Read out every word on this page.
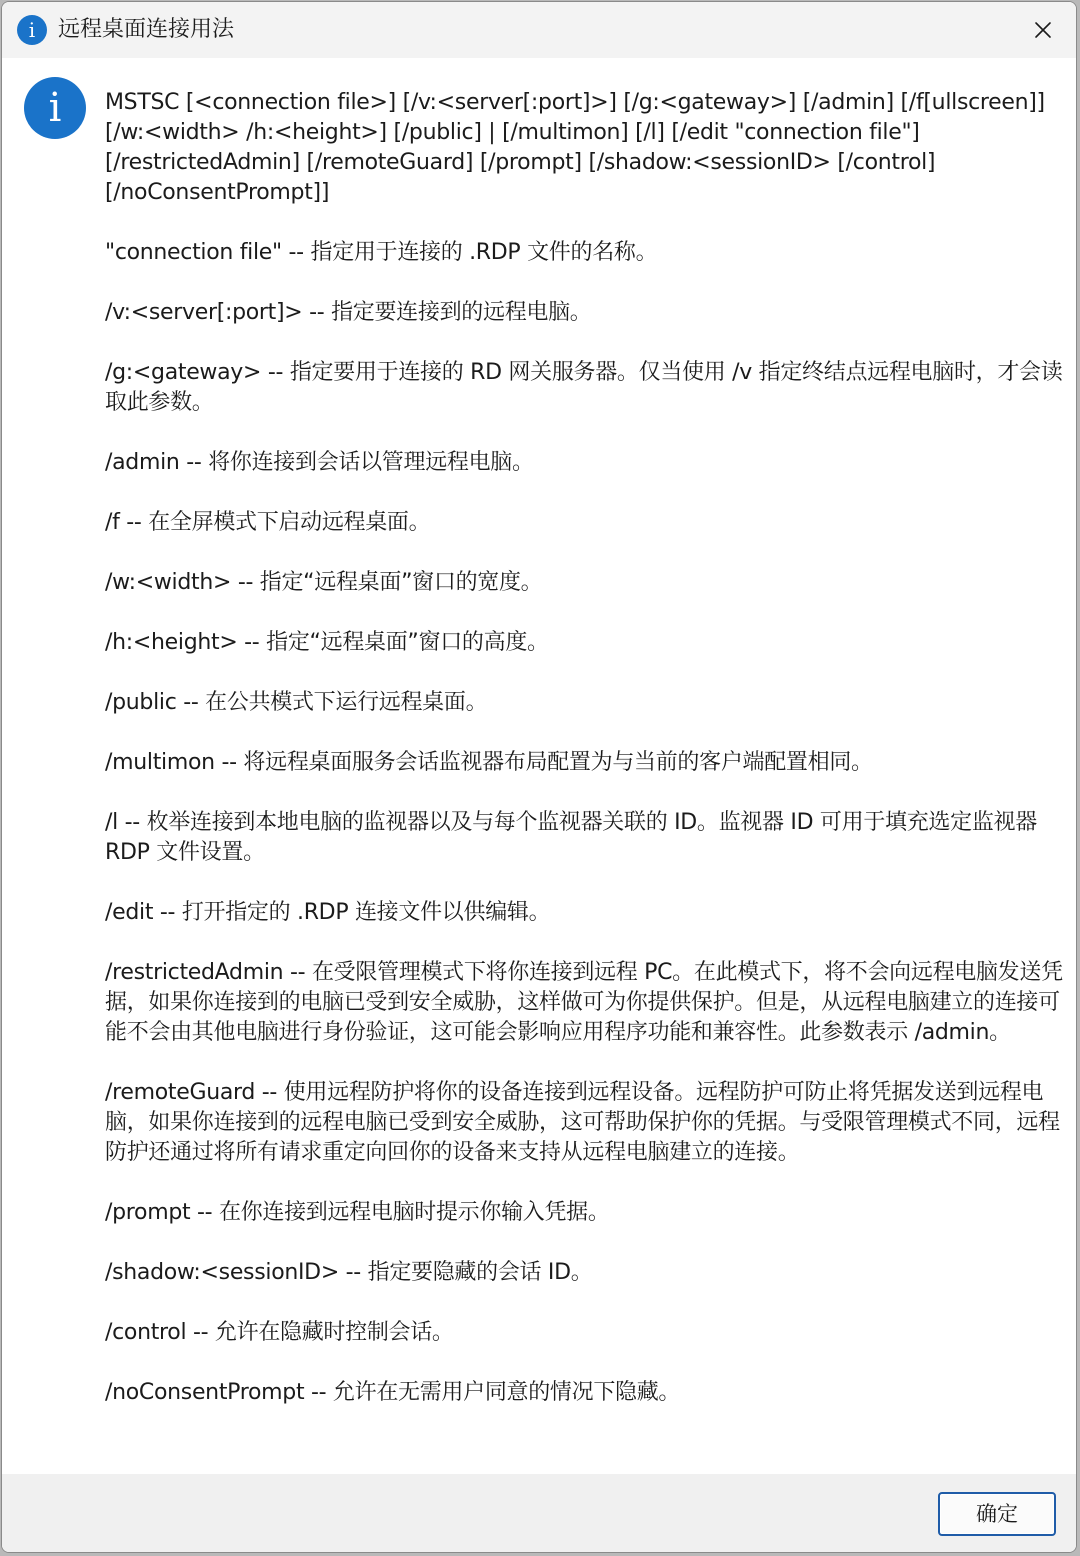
i	远程桌面连接用法
i	MSTSC [<connection file>] [/v:<server[:port]>] [/g:<gateway>] [/admin] [/f[ullscreen]] [/w:<width> /h:<height>] [/public] | [/multimon] [/l] [/edit "connection file"] [/restrictedAdmin] [/remoteGuard] [/prompt] [/shadow:<sessionID> [/control] [/noConsentPrompt]]

"connection file" -- 指定用于连接的 .RDP 文件的名称。

/v:<server[:port]> -- 指定要连接到的远程电脑。

/g:<gateway> -- 指定要用于连接的 RD 网关服务器。仅当使用 /v 指定终结点远程电脑时，才会读取此参数。

/admin -- 将你连接到会话以管理远程电脑。

/f -- 在全屏模式下启动远程桌面。

/w:<width> -- 指定“远程桌面”窗口的宽度。

/h:<height> -- 指定“远程桌面”窗口的高度。

/public -- 在公共模式下运行远程桌面。

/multimon -- 将远程桌面服务会话监视器布局配置为与当前的客户端配置相同。

/l -- 枚举连接到本地电脑的监视器以及与每个监视器关联的 ID。监视器 ID 可用于填充选定监视器 RDP 文件设置。

/edit -- 打开指定的 .RDP 连接文件以供编辑。

/restrictedAdmin -- 在受限管理模式下将你连接到远程 PC。在此模式下，将不会向远程电脑发送凭据，如果你连接到的电脑已受到安全威胁，这样做可为你提供保护。但是，从远程电脑建立的连接可能不会由其他电脑进行身份验证，这可能会影响应用程序功能和兼容性。此参数表示 /admin。

/remoteGuard -- 使用远程防护将你的设备连接到远程设备。远程防护可防止将凭据发送到远程电脑，如果你连接到的远程电脑已受到安全威胁，这可帮助保护你的凭据。与受限管理模式不同，远程防护还通过将所有请求重定向回你的设备来支持从远程电脑建立的连接。

/prompt -- 在你连接到远程电脑时提示你输入凭据。

/shadow:<sessionID> -- 指定要隐藏的会话 ID。

/control -- 允许在隐藏时控制会话。

/noConsentPrompt -- 允许在无需用户同意的情况下隐藏。

确定
